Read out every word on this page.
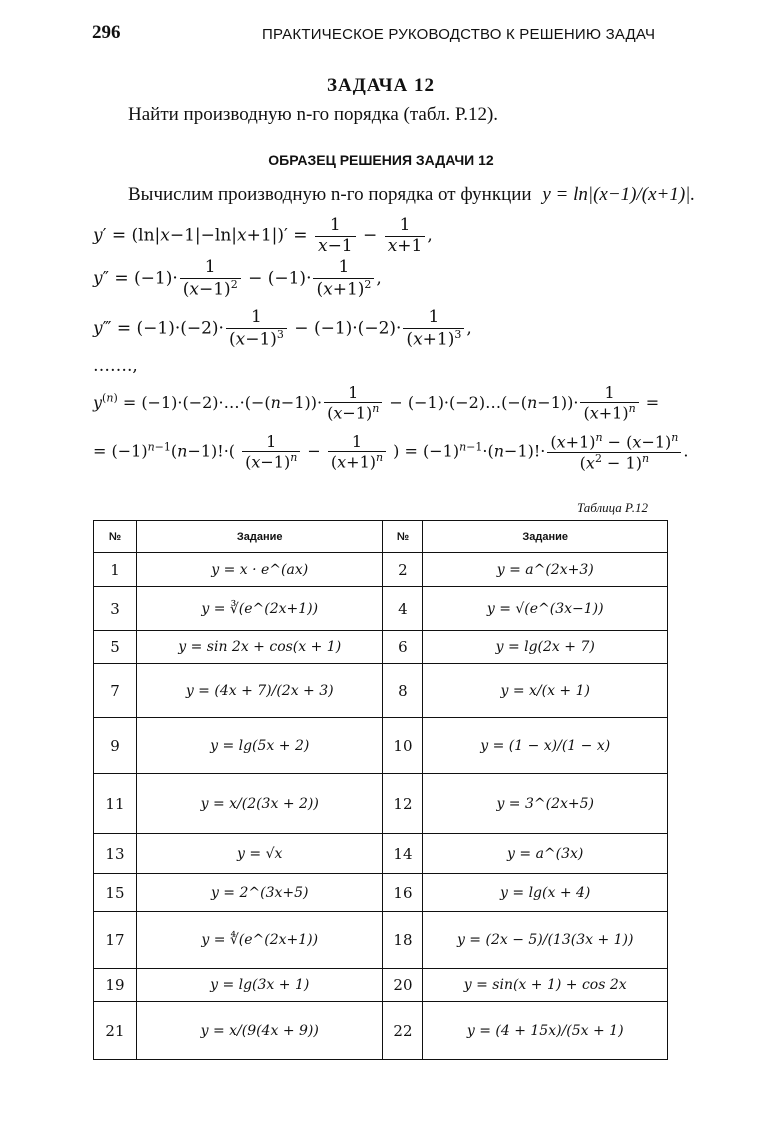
296	ПРАКТИЧЕСКОЕ РУКОВОДСТВО К РЕШЕНИЮ ЗАДАЧ
ЗАДАЧА 12
Найти производную n-го порядка (табл. Р.12).
ОБРАЗЕЦ РЕШЕНИЯ ЗАДАЧИ 12
Вычислим производную n-го порядка от функции y = ln|(x−1)/(x+1)|.
$y' = (\ln|x-1|-\ln|x+1|)' = \frac{1}{x-1} - \frac{1}{x+1}$ ,
$y'' = (-1)\cdot \frac{1}{(x-1)^2} - (-1)\cdot \frac{1}{(x+1)^2}$ ,
y‴ = $(-1)\cdot(-2)\cdot \frac{1}{(x-1)^3} - (-1)\cdot(-2)\cdot \frac{1}{(x+1)^3}$ ,
…….,
$y^{(n)}$ = (−1)·(−2)·…·(−(n−1))· $\frac{1}{(x-1)^n}$ − (−1)·(−2)…(−(n−1))· $\frac{1}{(x+1)^n}$ =
= $(-1)^{n-1}(n-1)!\cdot( \frac{1}{(x-1)^n} - \frac{1}{(x+1)^n}$ ) = $(-1)^{n-1}\cdot(n-1)!\cdot \frac{(x+1)^n - (x-1)^n}{(x^2 - 1)^n}$ .
Таблица Р.12
№	Задание	№	Задание
1	y = x · e^(ax)	2	y = a^(2x+3)
3	y = ∛(e^(2x+1))	4	y = √(e^(3x−1))
5	y = sin 2x + cos(x + 1)	6	y = lg(2x + 7)
7	y = (4x + 7)/(2x + 3)	8	y = x/(x + 1)
9	y = lg(5x + 2)	10	y = (1 − x)/(1 − x)
11	y = x/(2(3x + 2))	12	y = 3^(2x+5)
13	y = √x	14	y = a^(3x)
15	y = 2^(3x+5)	16	y = lg(x + 4)
17	y = ∜(e^(2x+1))	18	y = (2x − 5)/(13(3x + 1))
19	y = lg(3x + 1)	20	y = sin(x + 1) + cos 2x
21	y = x/(9(4x + 9))	22	y = (4 + 15x)/(5x + 1)
